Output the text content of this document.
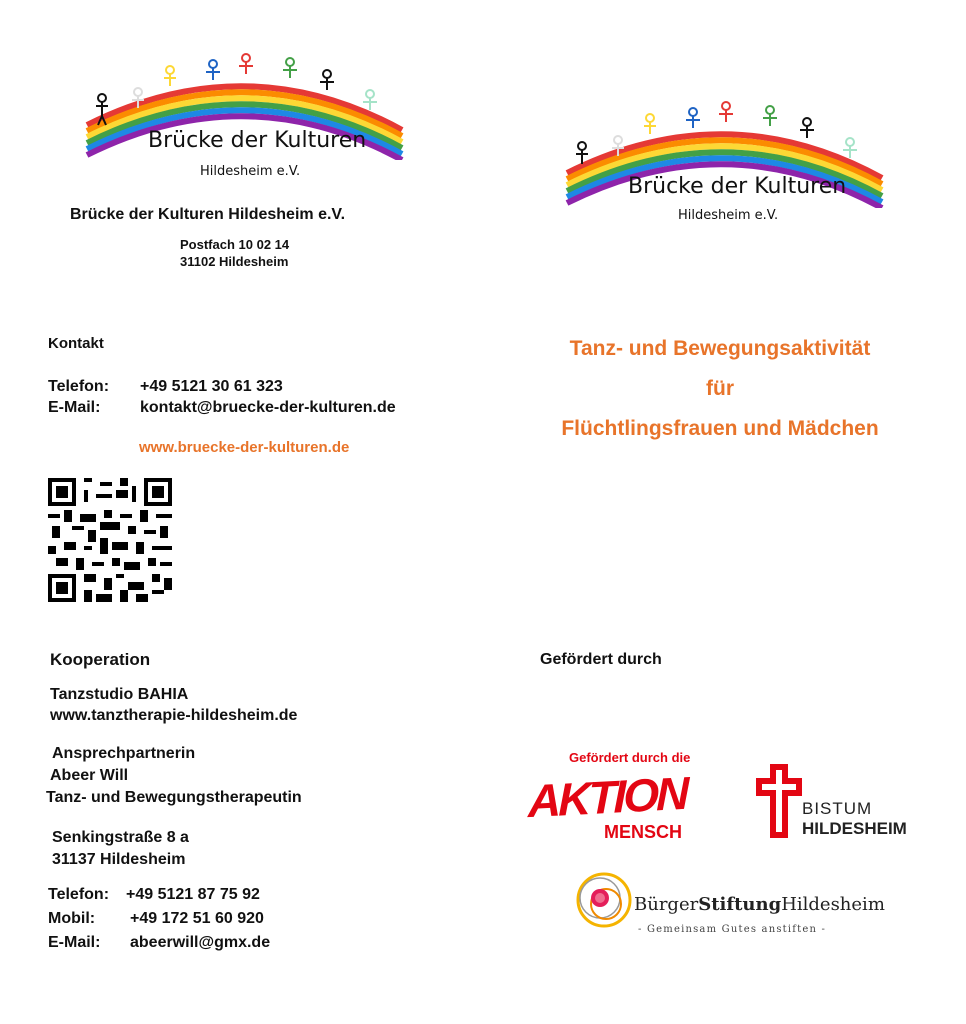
Brücke der Kulturen
Hildesheim e.V.
Brücke der Kulturen
Hildesheim e.V.
Brücke der Kulturen Hildesheim e.V.
Postfach 10 02 14
31102 Hildesheim
Kontakt
Telefon: +49 5121 30 61 323
E-Mail: kontakt@bruecke-der-kulturen.de
www.bruecke-der-kulturen.de
Kooperation
Tanzstudio BAHIA
www.tanztherapie-hildesheim.de
Ansprechpartnerin
Abeer Will
Tanz- und Bewegungstherapeutin
Senkingstraße 8 a
31137 Hildesheim
Telefon: +49 5121 87 75 92
Mobil: +49 172 51 60 920
E-Mail: abeerwill@gmx.de
Tanz- und Bewegungsaktivität
für
Flüchtlingsfrauen und Mädchen
Gefördert durch
Gefördert durch die
AKTION
MENSCH
BISTUM
HILDESHEIM
BürgerStiftungHildesheim
- Gemeinsam Gutes anstiften -
